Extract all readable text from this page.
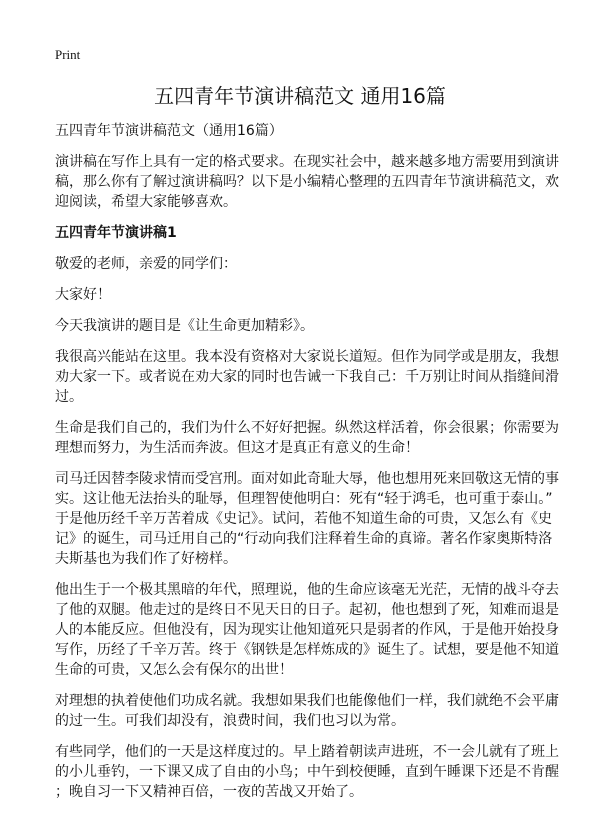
Print
五四青年节演讲稿范文 通用16篇
五四青年节演讲稿范文（通用16篇）
演讲稿在写作上具有一定的格式要求。在现实社会中，越来越多地方需要用到演讲
稿，那么你有了解过演讲稿吗？以下是小编精心整理的五四青年节演讲稿范文，欢
迎阅读，希望大家能够喜欢。
五四青年节演讲稿1
敬爱的老师，亲爱的同学们：
大家好！
今天我演讲的题目是《让生命更加精彩》。
我很高兴能站在这里。我本没有资格对大家说长道短。但作为同学或是朋友，我想
劝大家一下。或者说在劝大家的同时也告诫一下我自己：千万别让时间从指缝间滑
过。
生命是我们自己的，我们为什么不好好把握。纵然这样活着，你会很累；你需要为
理想而努力，为生活而奔波。但这才是真正有意义的生命！
司马迁因替李陵求情而受宫刑。面对如此奇耻大辱，他也想用死来回敬这无情的事
实。这让他无法抬头的耻辱，但理智使他明白：死有“轻于鸿毛，也可重于泰山。”
于是他历经千辛万苦着成《史记》。试问，若他不知道生命的可贵，又怎么有《史
记》的诞生，司马迁用自己的“行动向我们注释着生命的真谛。著名作家奥斯特洛
夫斯基也为我们作了好榜样。
他出生于一个极其黑暗的年代，照理说，他的生命应该毫无光茫，无情的战斗夺去
了他的双腿。他走过的是终日不见天日的日子。起初，他也想到了死，知难而退是
人的本能反应。但他没有，因为现实让他知道死只是弱者的作风，于是他开始投身
写作，历经了千辛万苦。终于《钢铁是怎样炼成的》诞生了。试想，要是他不知道
生命的可贵，又怎么会有保尔的出世！
对理想的执着使他们功成名就。我想如果我们也能像他们一样，我们就绝不会平庸
的过一生。可我们却没有，浪费时间，我们也习以为常。
有些同学，他们的一天是这样度过的。早上踏着朝读声进班，不一会儿就有了班上
的小儿垂钓，一下课又成了自由的小鸟；中午到校便睡，直到午睡课下还是不肯醒
；晚自习一下又精神百倍，一夜的苦战又开始了。
